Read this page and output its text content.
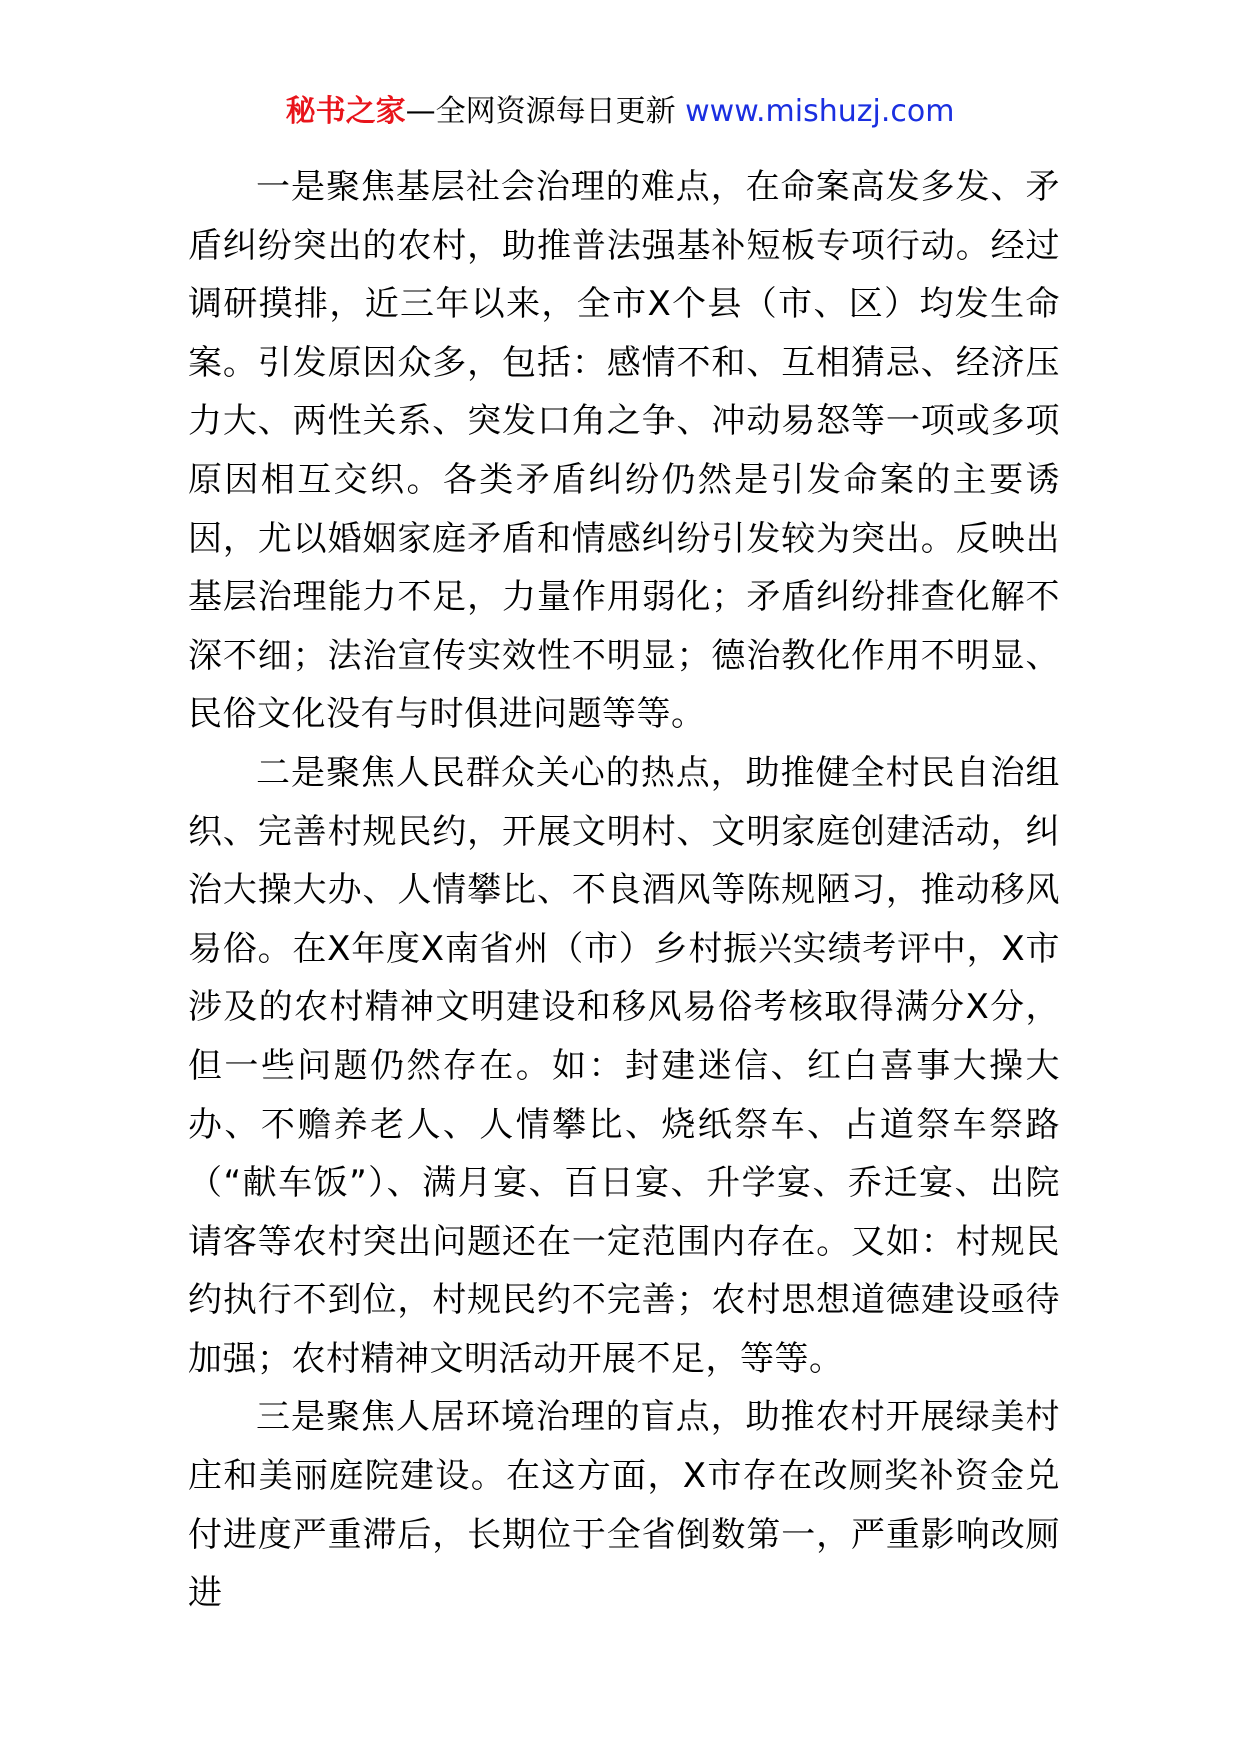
秘书之家—全网资源每日更新 www.mishuzj.com

一是聚焦基层社会治理的难点，在命案高发多发、矛盾纠纷突出的农村，助推普法强基补短板专项行动。经过调研摸排，近三年以来，全市X个县（市、区）均发生命案。引发原因众多，包括：感情不和、互相猜忌、经济压力大、两性关系、突发口角之争、冲动易怒等一项或多项原因相互交织。各类矛盾纠纷仍然是引发命案的主要诱因，尤以婚姻家庭矛盾和情感纠纷引发较为突出。反映出基层治理能力不足，力量作用弱化；矛盾纠纷排查化解不深不细；法治宣传实效性不明显；德治教化作用不明显、民俗文化没有与时俱进问题等等。

二是聚焦人民群众关心的热点，助推健全村民自治组织、完善村规民约，开展文明村、文明家庭创建活动，纠治大操大办、人情攀比、不良酒风等陈规陋习，推动移风易俗。在X年度X南省州（市）乡村振兴实绩考评中，X市涉及的农村精神文明建设和移风易俗考核取得满分X分，但一些问题仍然存在。如：封建迷信、红白喜事大操大办、不赡养老人、人情攀比、烧纸祭车、占道祭车祭路（“献车饭”）、满月宴、百日宴、升学宴、乔迁宴、出院请客等农村突出问题还在一定范围内存在。又如：村规民约执行不到位，村规民约不完善；农村思想道德建设亟待加强；农村精神文明活动开展不足，等等。

三是聚焦人居环境治理的盲点，助推农村开展绿美村庄和美丽庭院建设。在这方面，X市存在改厕奖补资金兑付进度严重滞后，长期位于全省倒数第一，严重影响改厕进
